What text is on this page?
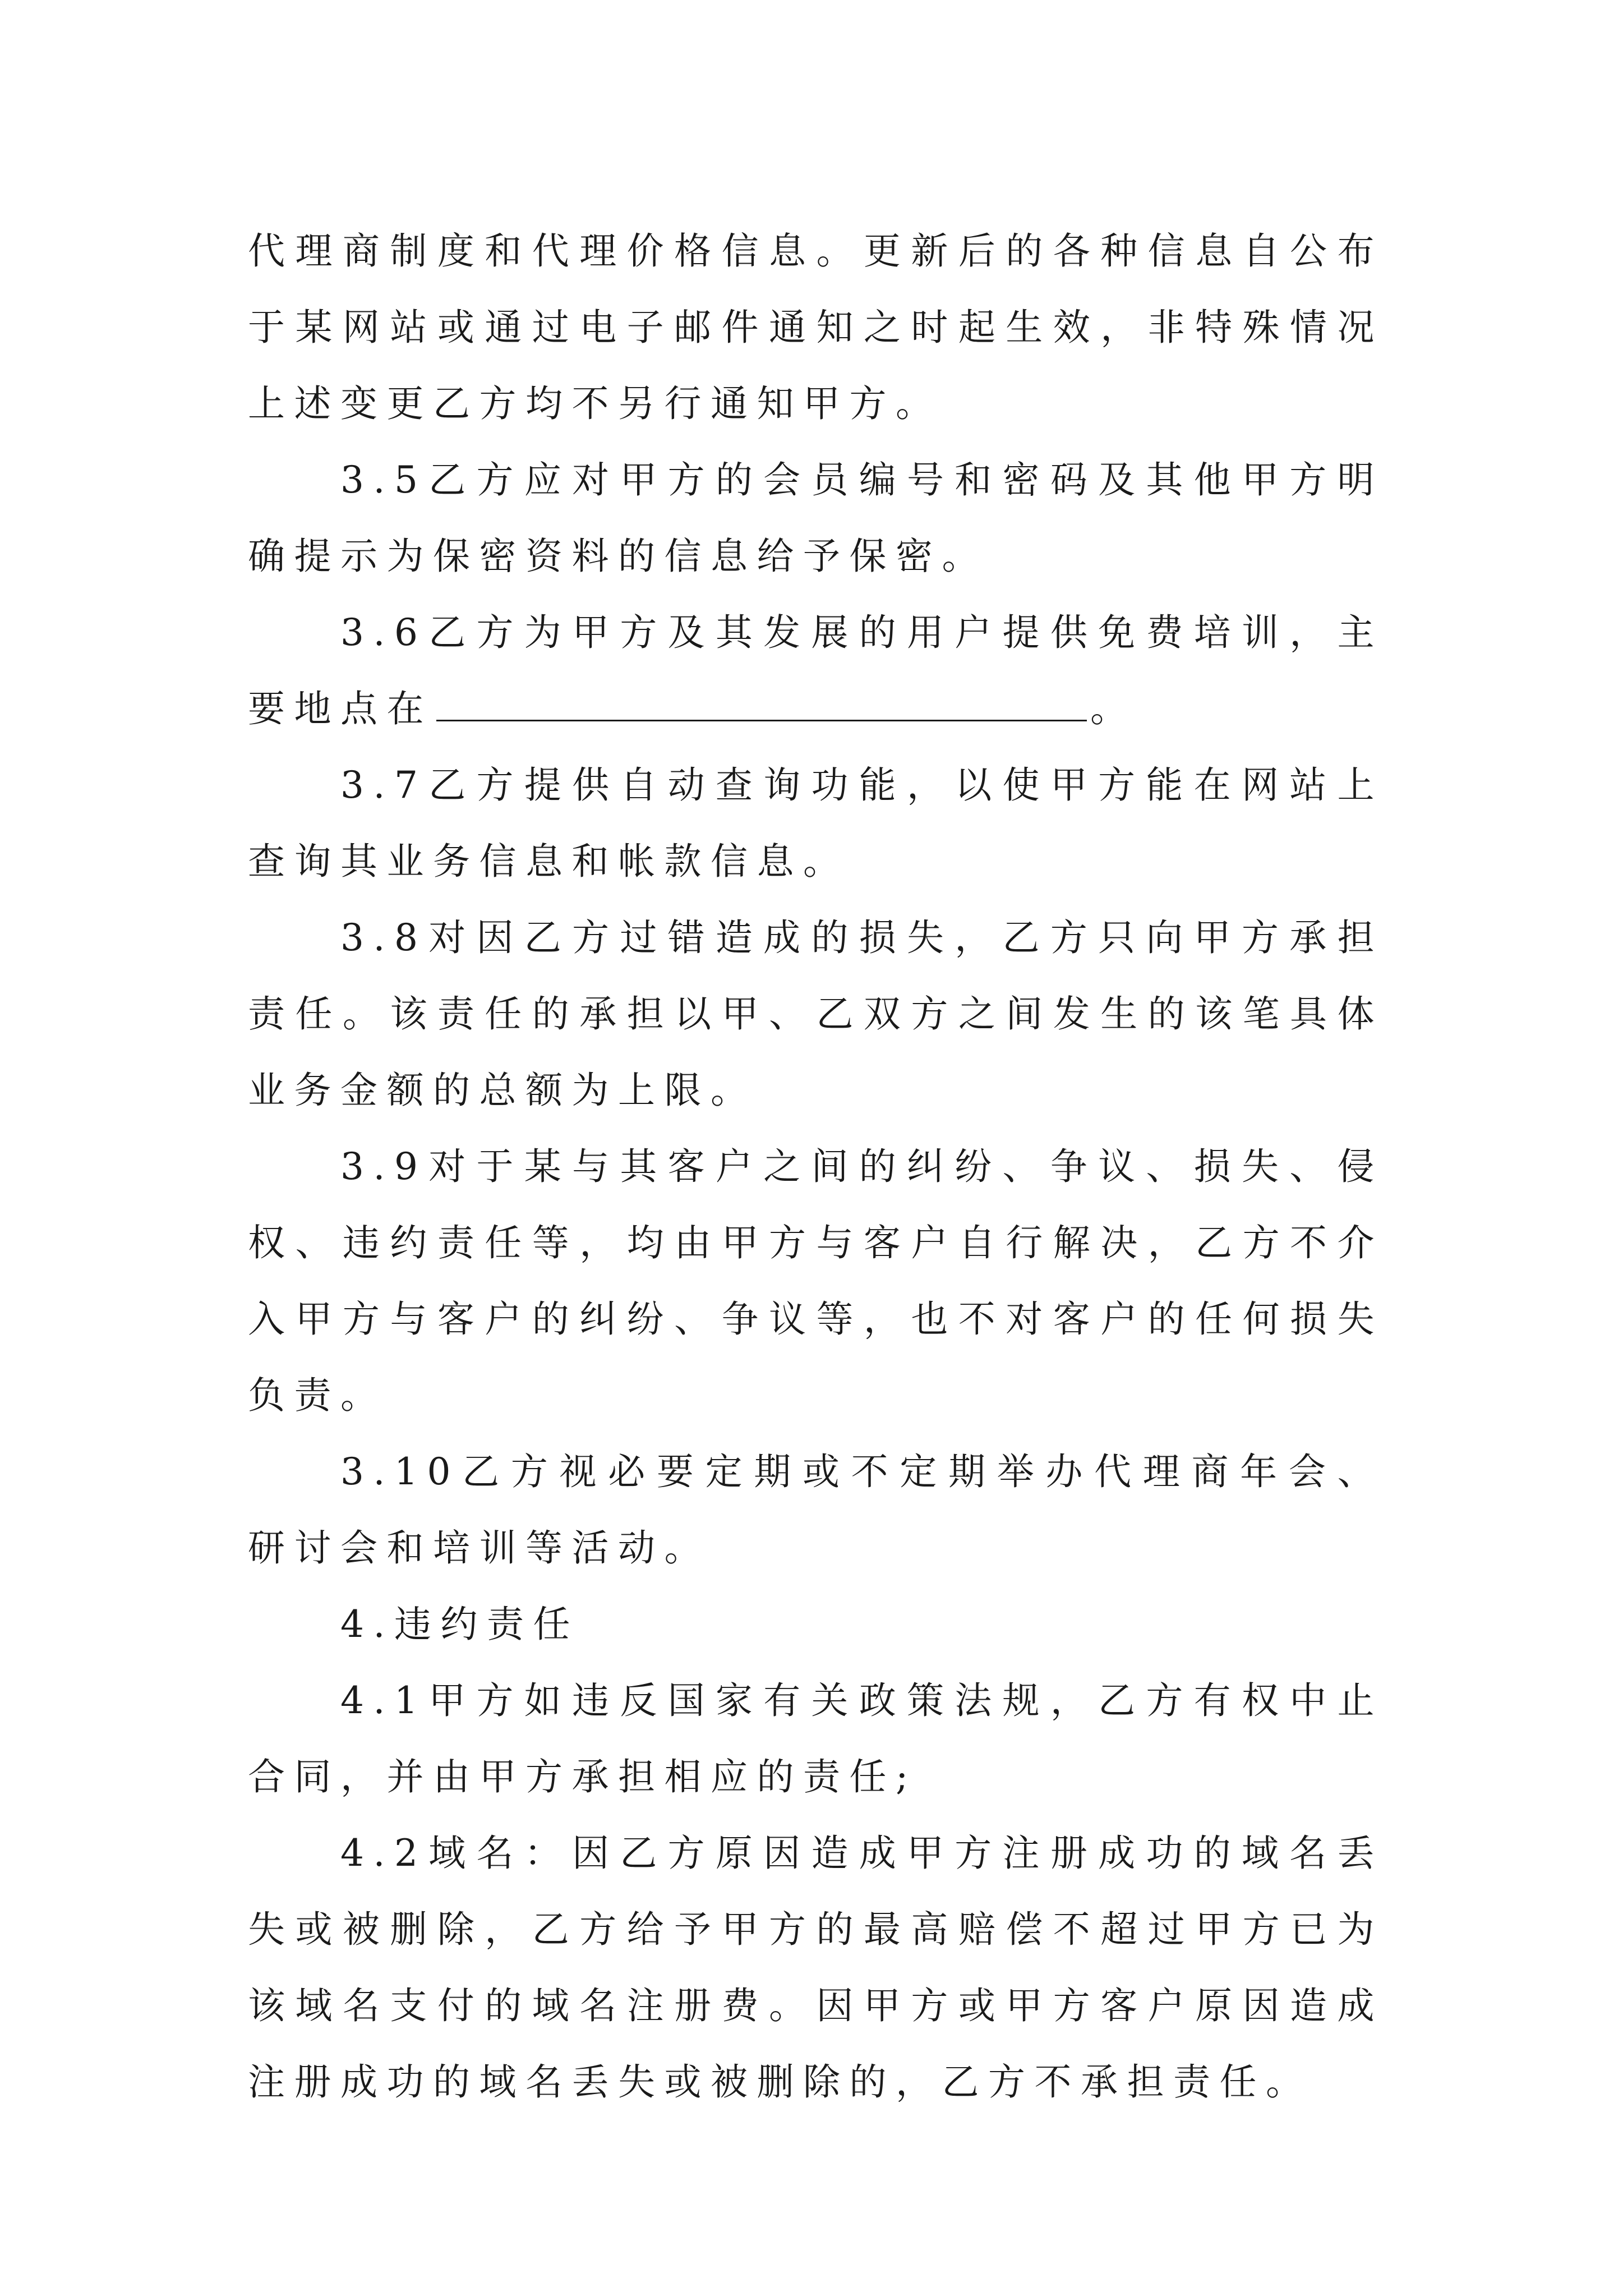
代理商制度和代理价格信息。更新后的各种信息自公布于某网站或通过电子邮件通知之时起生效，非特殊情况上述变更乙方均不另行通知甲方。

3.5乙方应对甲方的会员编号和密码及其他甲方明确提示为保密资料的信息给予保密。

3.6乙方为甲方及其发展的用户提供免费培训，主要地点在	。

3.7乙方提供自动查询功能，以使甲方能在网站上查询其业务信息和帐款信息。

3.8对因乙方过错造成的损失，乙方只向甲方承担责任。该责任的承担以甲、乙双方之间发生的该笔具体业务金额的总额为上限。

3.9对于某与其客户之间的纠纷、争议、损失、侵权、违约责任等，均由甲方与客户自行解决，乙方不介入甲方与客户的纠纷、争议等，也不对客户的任何损失负责。

3.10乙方视必要定期或不定期举办代理商年会、研讨会和培训等活动。

4.违约责任

4.1甲方如违反国家有关政策法规，乙方有权中止合同，并由甲方承担相应的责任;

4.2域名：因乙方原因造成甲方注册成功的域名丢失或被删除，乙方给予甲方的最高赔偿不超过甲方已为该域名支付的域名注册费。因甲方或甲方客户原因造成注册成功的域名丢失或被删除的，乙方不承担责任。
